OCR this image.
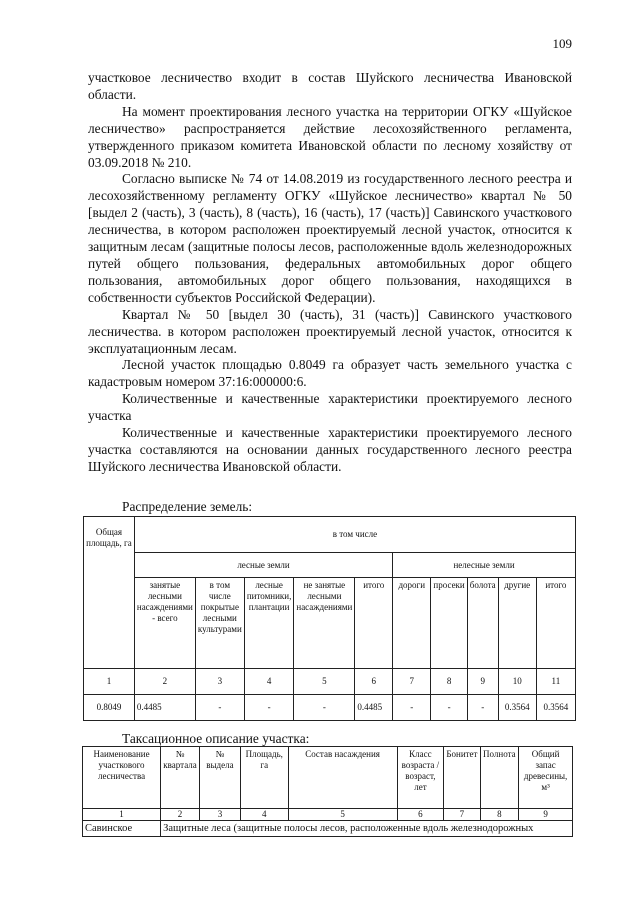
109

участковое лесничество входит в состав Шуйского лесничества Ивановской области.

На момент проектирования лесного участка на территории ОГКУ «Шуйское лесничество» распространяется действие лесохозяйственного регламента, утвержденного приказом комитета Ивановской области по лесному хозяйству от 03.09.2018 № 210.

Согласно выписке № 74 от 14.08.2019 из государственного лесного реестра и лесохозяйственному регламенту ОГКУ «Шуйское лесничество» квартал № 50 [выдел 2 (часть), 3 (часть), 8 (часть), 16 (часть), 17 (часть)] Савинского участкового лесничества, в котором расположен проектируемый лесной участок, относится к защитным лесам (защитные полосы лесов, расположенные вдоль железнодорожных путей общего пользования, федеральных автомобильных дорог общего пользования, автомобильных дорог общего пользования, находящихся в собственности субъектов Российской Федерации).

Квартал № 50 [выдел 30 (часть), 31 (часть)] Савинского участкового лесничества. в котором расположен проектируемый лесной участок, относится к эксплуатационным лесам.

Лесной участок площадью 0.8049 га образует часть земельного участка с кадастровым номером 37:16:000000:6.

Количественные и качественные характеристики проектируемого лесного участка

Количественные и качественные характеристики проектируемого лесного участка составляются на основании данных государственного лесного реестра Шуйского лесничества Ивановской области.

Распределение земель:
Общая площадь, га	в том числе									
	лесные земли					нелесные земли				
	занятые лесными насаждениями - всего	в том числе покрытые лесными культурами	лесные питомники, плантации	не занятые лесными насаждениями	итого	дороги	просеки	болота	другие	итого
1	2	3	4	5	6	7	8	9	10	11
0.8049	0.4485	-	-	-	0.4485	-	-	-	0.3564	0.3564
Таксационное описание участка:
Наименование участкового лесничества	№ квартала	№ выдела	Площадь, га	Состав насаждения	Класс возраста / возраст, лет	Бонитет	Полнота	Общий запас древесины, м³
1	2	3	4	5	6	7	8	9
Савинское	Защитные леса (защитные полосы лесов, расположенные вдоль железнодорожных							
